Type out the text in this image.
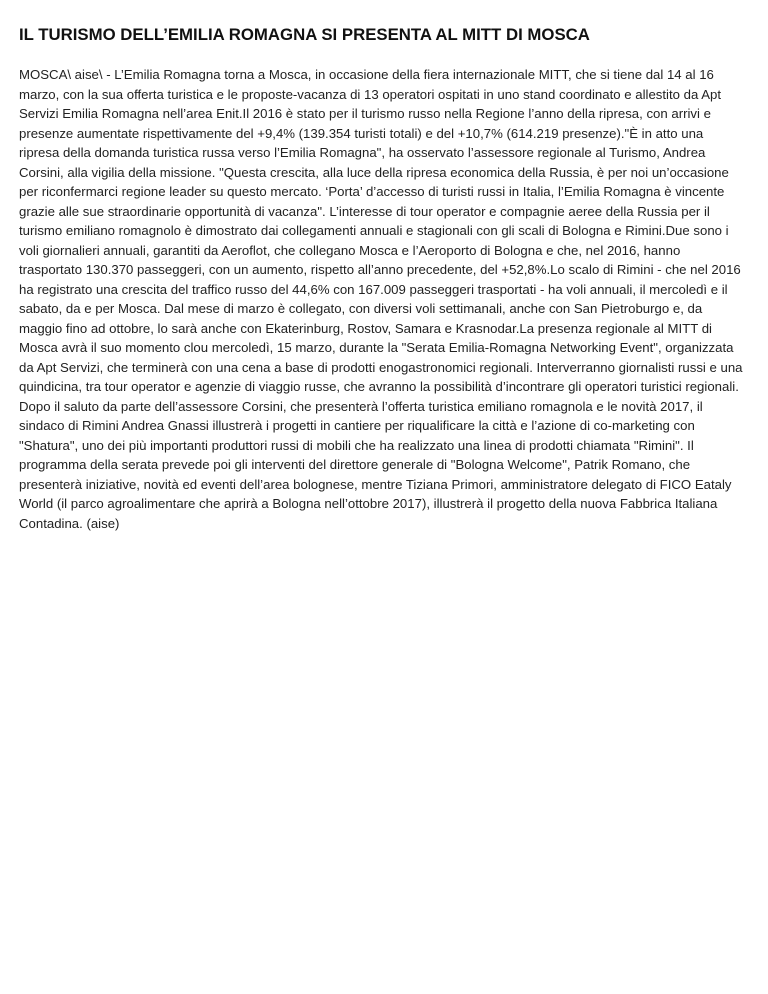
IL TURISMO DELL’EMILIA ROMAGNA SI PRESENTA AL MITT DI MOSCA

MOSCA\ aise\ - L’Emilia Romagna torna a Mosca, in occasione della fiera internazionale MITT, che si tiene dal 14 al 16 marzo, con la sua offerta turistica e le proposte-vacanza di 13 operatori ospitati in uno stand coordinato e allestito da Apt Servizi Emilia Romagna nell’area Enit.Il 2016 è stato per il turismo russo nella Regione l’anno della ripresa, con arrivi e presenze aumentate rispettivamente del +9,4% (139.354 turisti totali) e del +10,7% (614.219 presenze)."È in atto una ripresa della domanda turistica russa verso l’Emilia Romagna", ha osservato l’assessore regionale al Turismo, Andrea Corsini, alla vigilia della missione. "Questa crescita, alla luce della ripresa economica della Russia, è per noi un’occasione per riconfermarci regione leader su questo mercato. ‘Porta’ d’accesso di turisti russi in Italia, l’Emilia Romagna è vincente grazie alle sue straordinarie opportunità di vacanza". L’interesse di tour operator e compagnie aeree della Russia per il turismo emiliano romagnolo è dimostrato dai collegamenti annuali e stagionali con gli scali di Bologna e Rimini.Due sono i voli giornalieri annuali, garantiti da Aeroflot, che collegano Mosca e l’Aeroporto di Bologna e che, nel 2016, hanno trasportato 130.370 passeggeri, con un aumento, rispetto all’anno precedente, del +52,8%.Lo scalo di Rimini - che nel 2016 ha registrato una crescita del traffico russo del 44,6% con 167.009 passeggeri trasportati - ha voli annuali, il mercoledì e il sabato, da e per Mosca. Dal mese di marzo è collegato, con diversi voli settimanali, anche con San Pietroburgo e, da maggio fino ad ottobre, lo sarà anche con Ekaterinburg, Rostov, Samara e Krasnodar.La presenza regionale al MITT di Mosca avrà il suo momento clou mercoledì, 15 marzo, durante la "Serata Emilia-Romagna Networking Event", organizzata da Apt Servizi, che terminerà con una cena a base di prodotti enogastronomici regionali. Interverranno giornalisti russi e una quindicina, tra tour operator e agenzie di viaggio russe, che avranno la possibilità d’incontrare gli operatori turistici regionali. Dopo il saluto da parte dell’assessore Corsini, che presenterà l’offerta turistica emiliano romagnola e le novità 2017, il sindaco di Rimini Andrea Gnassi illustrerà i progetti in cantiere per riqualificare la città e l’azione di co-marketing con "Shatura", uno dei più importanti produttori russi di mobili che ha realizzato una linea di prodotti chiamata "Rimini". Il programma della serata prevede poi gli interventi del direttore generale di "Bologna Welcome", Patrik Romano, che presenterà iniziative, novità ed eventi dell’area bolognese, mentre Tiziana Primori, amministratore delegato di FICO Eataly World (il parco agroalimentare che aprirà a Bologna nell’ottobre 2017), illustrerà il progetto della nuova Fabbrica Italiana Contadina. (aise)
